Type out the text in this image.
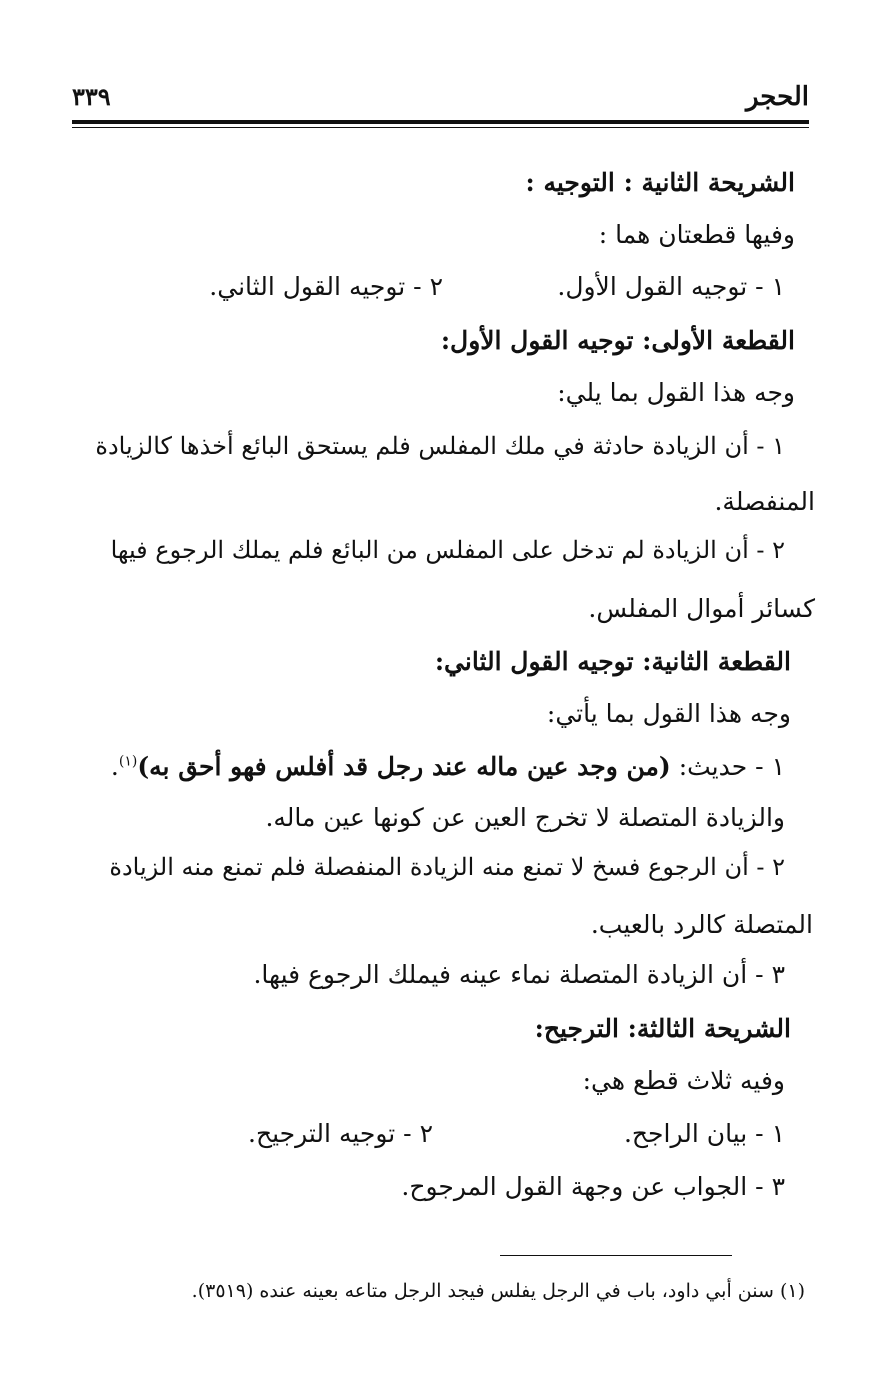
الحجر
٣٣٩
الشريحة الثانية : التوجيه :
وفيها قطعتان هما :
١ - توجيه القول الأول.
٢ - توجيه القول الثاني.
القطعة الأولى: توجيه القول الأول:
وجه هذا القول بما يلي:
١ - أن الزيادة حادثة في ملك المفلس فلم يستحق البائع أخذها كالزيادة
المنفصلة.
٢ - أن الزيادة لم تدخل على المفلس من البائع فلم يملك الرجوع فيها
كسائر أموال المفلس.
القطعة الثانية: توجيه القول الثاني:
وجه هذا القول بما يأتي:
١ - حديث: (من وجد عين ماله عند رجل قد أفلس فهو أحق به)$^{(١)}$.
والزيادة المتصلة لا تخرج العين عن كونها عين ماله.
٢ - أن الرجوع فسخ لا تمنع منه الزيادة المنفصلة فلم تمنع منه الزيادة
المتصلة كالرد بالعيب.
٣ - أن الزيادة المتصلة نماء عينه فيملك الرجوع فيها.
الشريحة الثالثة: الترجيح:
وفيه ثلاث قطع هي:
١ - بيان الراجح.
٢ - توجيه الترجيح.
٣ - الجواب عن وجهة القول المرجوح.
(١) سنن أبي داود، باب في الرجل يفلس فيجد الرجل متاعه بعينه عنده (٣٥١٩).
